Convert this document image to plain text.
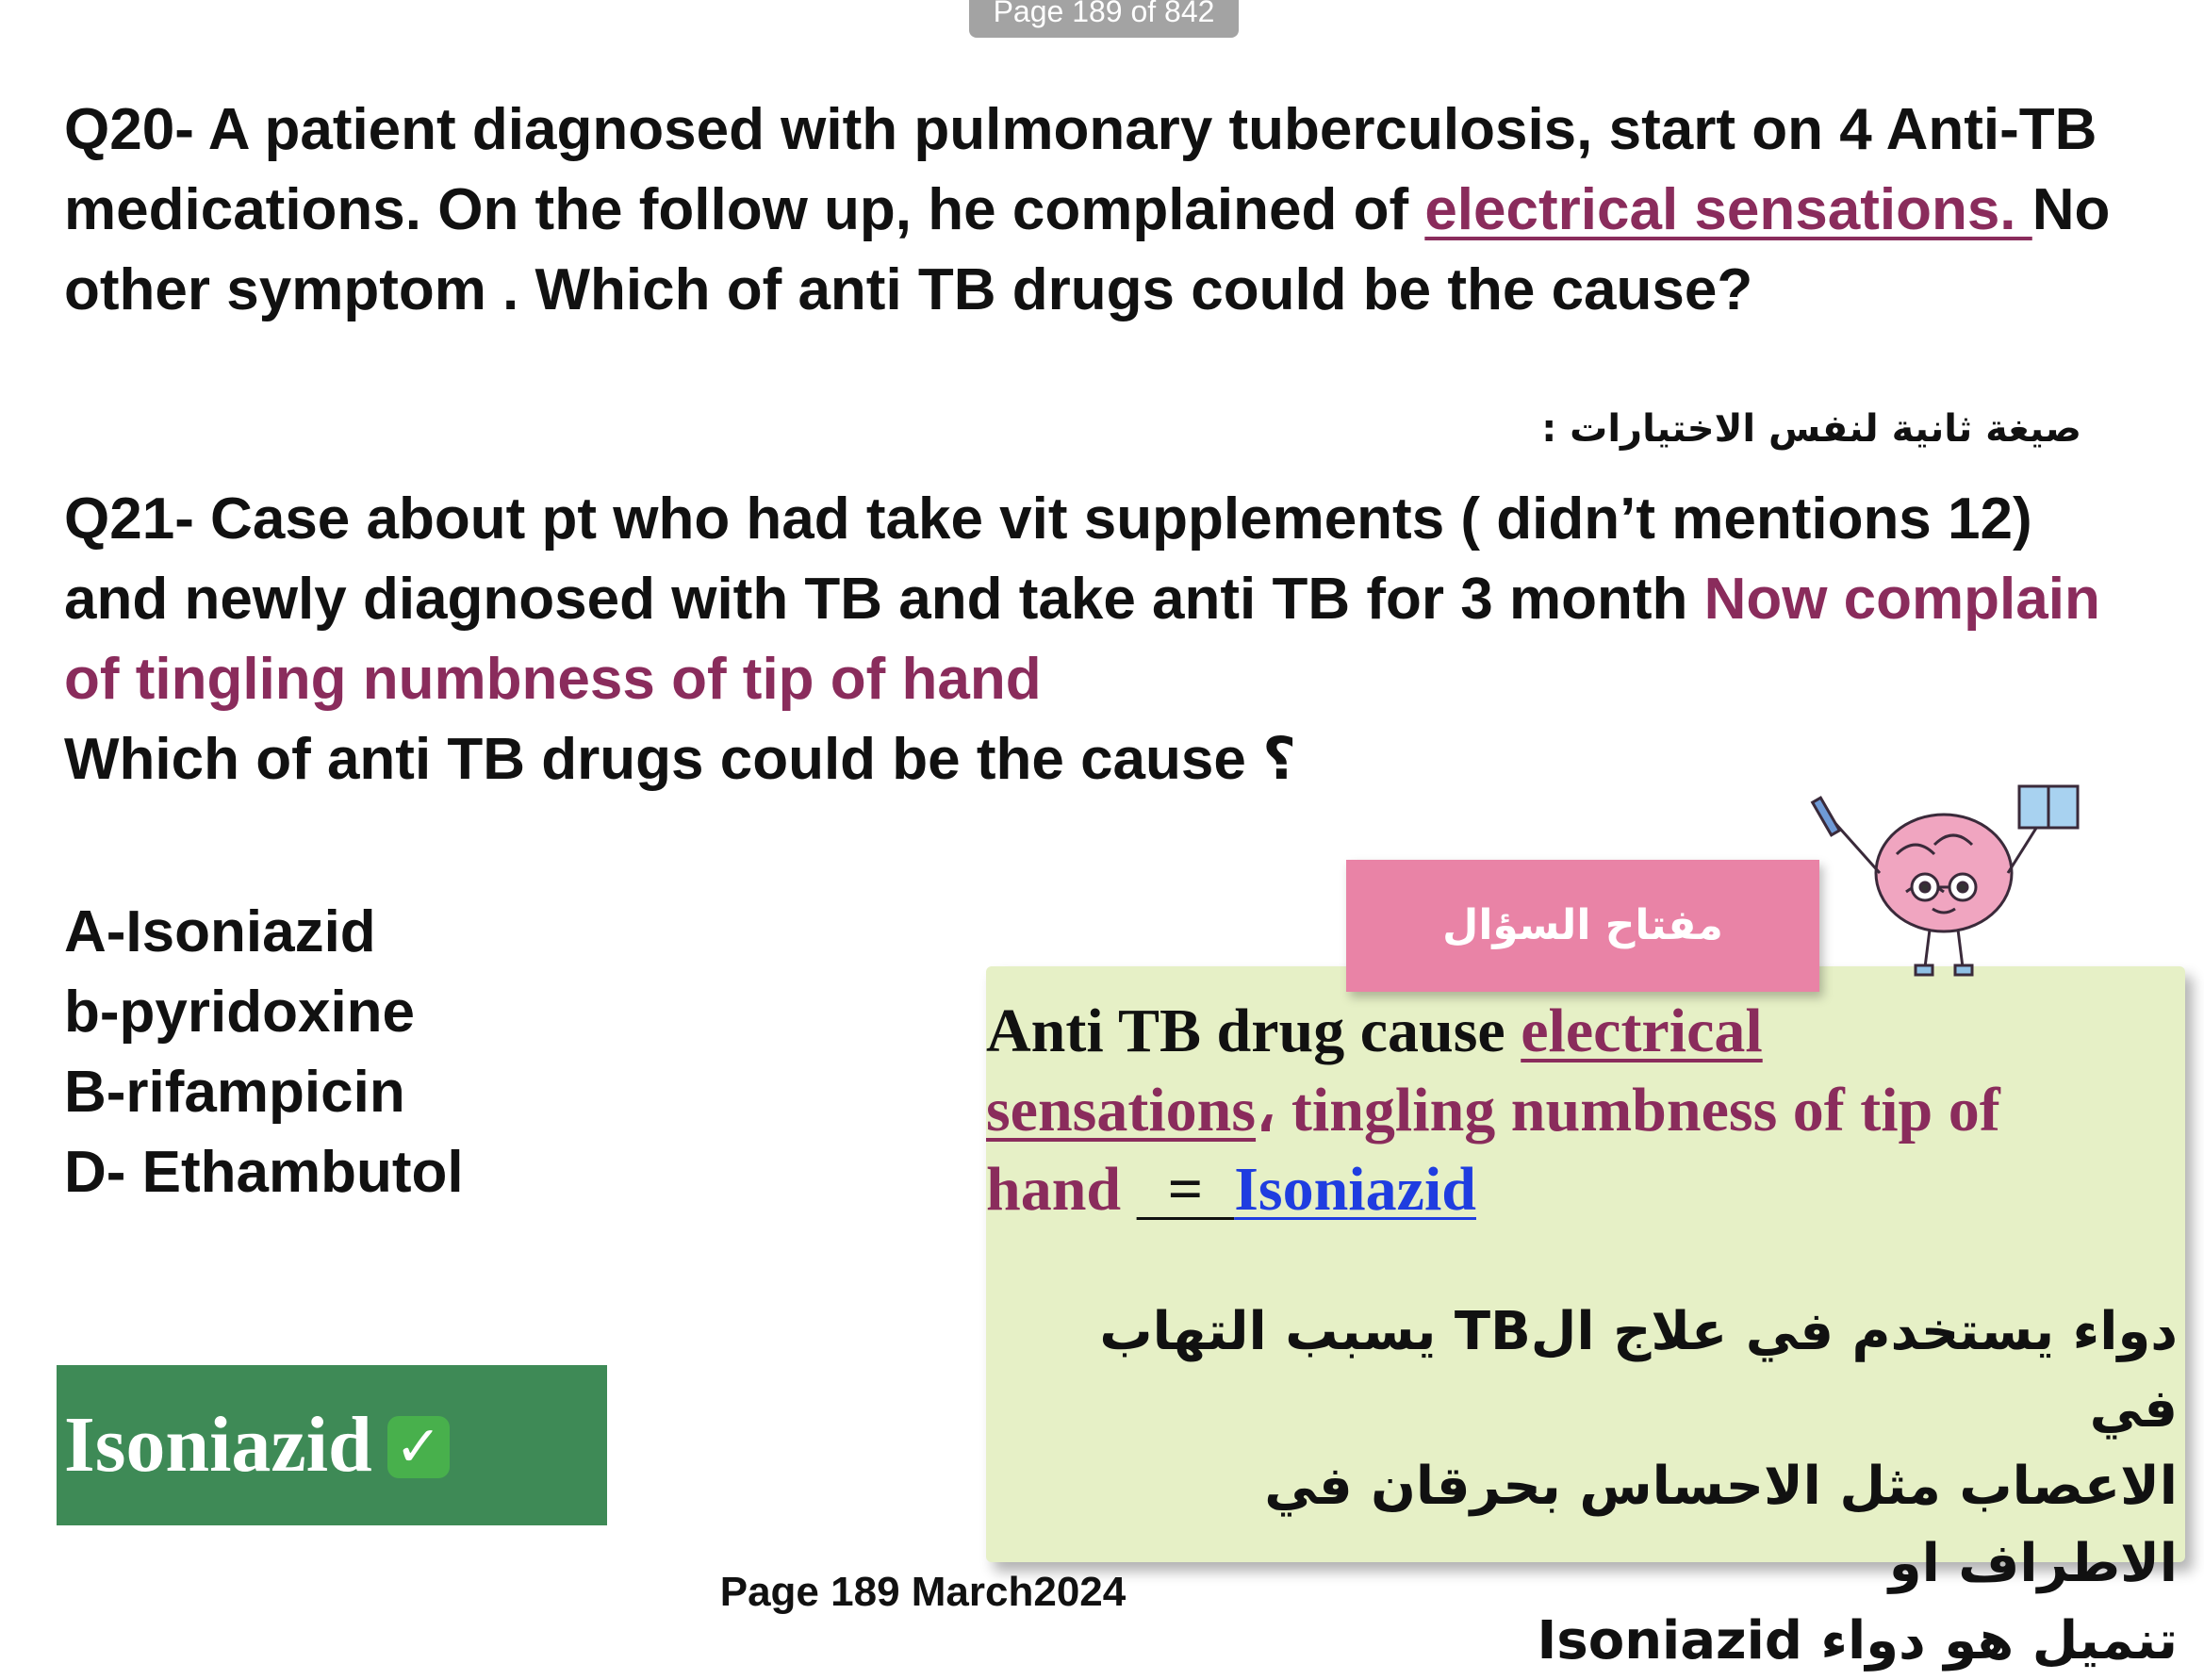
Page 189 of 842

Q20- A patient diagnosed with pulmonary tuberculosis, start on 4 Anti-TB medications. On the follow up, he complained of electrical sensations. No other symptom . Which of anti TB drugs could be the cause?

صيغة ثانية لنفس الاختيارات :

Q21- Case about pt who had take vit supplements ( didn’t mentions 12) and newly diagnosed with TB and take anti TB for 3 month Now complain of tingling numbness of tip of hand
Which of anti TB drugs could be the cause ؟

A-Isoniazid
b-pyridoxine
B-rifampicin
D- Ethambutol
Isoniazid ✓
Anti TB drug cause electrical
sensations، tingling numbness of tip of
hand   =  Isoniazid
دواء يستخدم في علاج الTB يسبب التهاب في
الاعصاب مثل الاحساس بحرقان في الاطراف او
تنميل هو دواء Isoniazid
مفتاح السؤال
Page 189 March2024
